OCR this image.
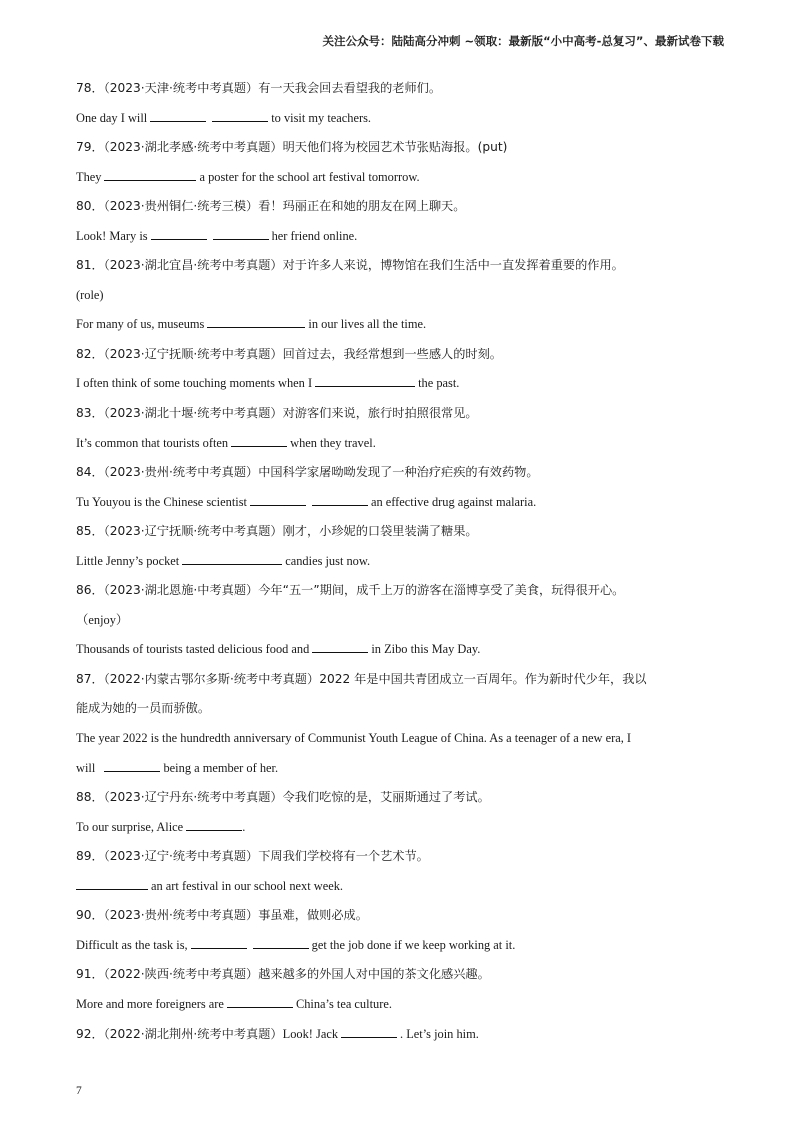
关注公众号：陆陆高分冲刺 ~领取：最新版“小中高考-总复习”、最新试卷下载
78．（2023·天津·统考中考真题）有一天我会回去看望我的老师们。
One day I will	to visit my teachers.
79．（2023·湖北孝感·统考中考真题）明天他们将为校园艺术节张贴海报。(put)
They	a poster for the school art festival tomorrow.
80．（2023·贵州铜仁·统考三模）看！玛丽正在和她的朋友在网上聊天。
Look! Mary is	her friend online.
81．（2023·湖北宜昌·统考中考真题）对于许多人来说，博物馆在我们生活中一直发挥着重要的作用。
(role)
For many of us, museums	in our lives all the time.
82．（2023·辽宁抚顺·统考中考真题）回首过去，我经常想到一些感人的时刻。
I often think of some touching moments when I	the past.
83．（2023·湖北十堰·统考中考真题）对游客们来说，旅行时拍照很常见。
It’s common that tourists often	when they travel.
84．（2023·贵州·统考中考真题）中国科学家屠呦呦发现了一种治疗疟疾的有效药物。
Tu Youyou is the Chinese scientist	an effective drug against malaria.
85．（2023·辽宁抚顺·统考中考真题）刚才，小珍妮的口袋里装满了糖果。
Little Jenny’s pocket	candies just now.
86．（2023·湖北恩施·中考真题）今年“五一”期间，成千上万的游客在淄博享受了美食，玩得很开心。
（enjoy）
Thousands of tourists tasted delicious food and	in Zibo this May Day.
87．（2022·内蒙古鄂尔多斯·统考中考真题）2022 年是中国共青团成立一百周年。作为新时代少年，我以
能成为她的一员而骄傲。
The year 2022 is the hundredth anniversary of Communist Youth League of China. As a teenager of a new era, I
will	being a member of her.
88．（2023·辽宁丹东·统考中考真题）令我们吃惊的是，艾丽斯通过了考试。
To our surprise, Alice	.
89．（2023·辽宁·统考中考真题）下周我们学校将有一个艺术节。
an art festival in our school next week.
90．（2023·贵州·统考中考真题）事虽难，做则必成。
Difficult as the task is,	get the job done if we keep working at it.
91．（2022·陕西·统考中考真题）越来越多的外国人对中国的茶文化感兴趣。
More and more foreigners are	China’s tea culture.
92．（2022·湖北荆州·统考中考真题）Look! Jack	. Let’s join him.
7
